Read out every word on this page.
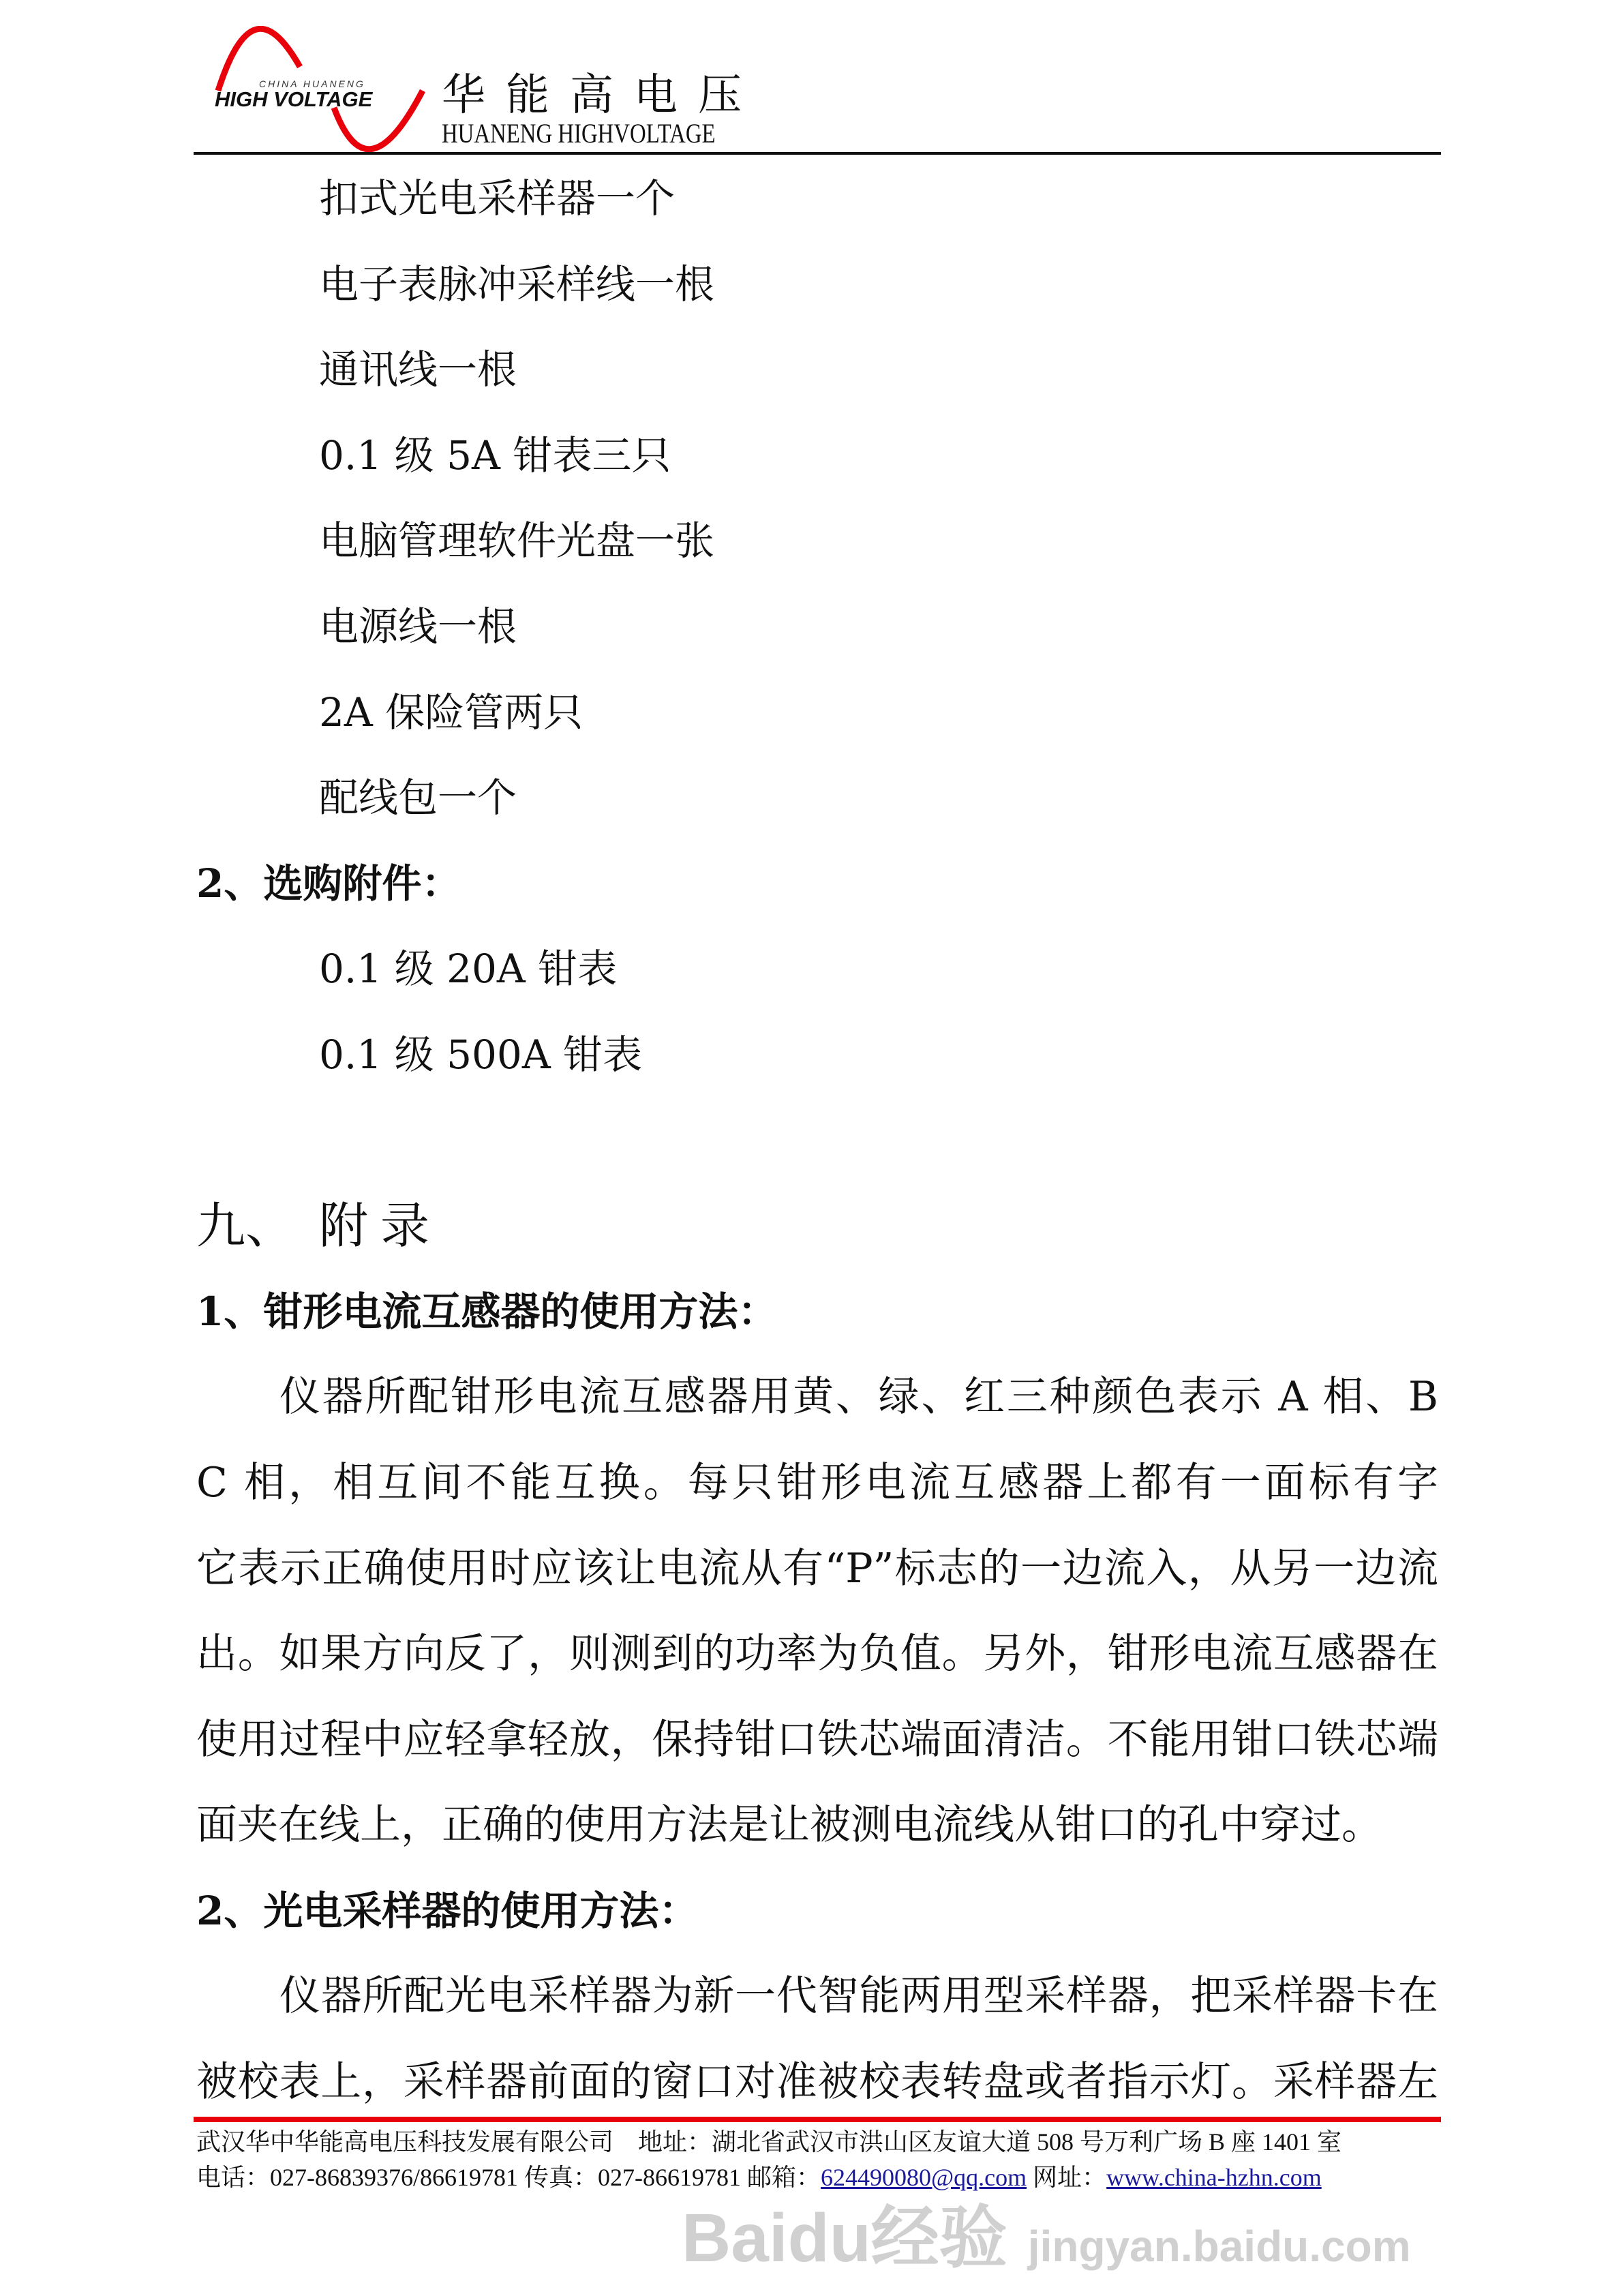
CHINA HUANENG
HIGH VOLTAGE 华能高电压
HUANENG HIGHVOLTAGE
扣式光电采样器一个
电子表脉冲采样线一根
通讯线一根
0.1 级 5A 钳表三只
电脑管理软件光盘一张
电源线一根
2A 保险管两只
配线包一个
2、选购附件：
0.1 级 20A 钳表
0.1 级 500A 钳表
九、 附 录
1、钳形电流互感器的使用方法：
仪器所配钳形电流互感器用黄、绿、红三种颜色表示 A 相、B
C 相，相互间不能互换。每只钳形电流互感器上都有一面标有字
它表示正确使用时应该让电流从有“P”标志的一边流入，从另一边流
出。如果方向反了，则测到的功率为负值。另外，钳形电流互感器在
使用过程中应轻拿轻放，保持钳口铁芯端面清洁。不能用钳口铁芯端
面夹在线上，正确的使用方法是让被测电流线从钳口的孔中穿过。
2、光电采样器的使用方法：
仪器所配光电采样器为新一代智能两用型采样器，把采样器卡在
被校表上，采样器前面的窗口对准被校表转盘或者指示灯。采样器左
武汉华中华能高电压科技发展有限公司 地址：湖北省武汉市洪山区友谊大道 508 号万利广场 B 座 1401 室
电话：027-86839376/86619781 传真：027-86619781 邮箱：624490080@qq.com 网址：www.china-hzhn.com
Baidu经验 jingyan.baidu.com
